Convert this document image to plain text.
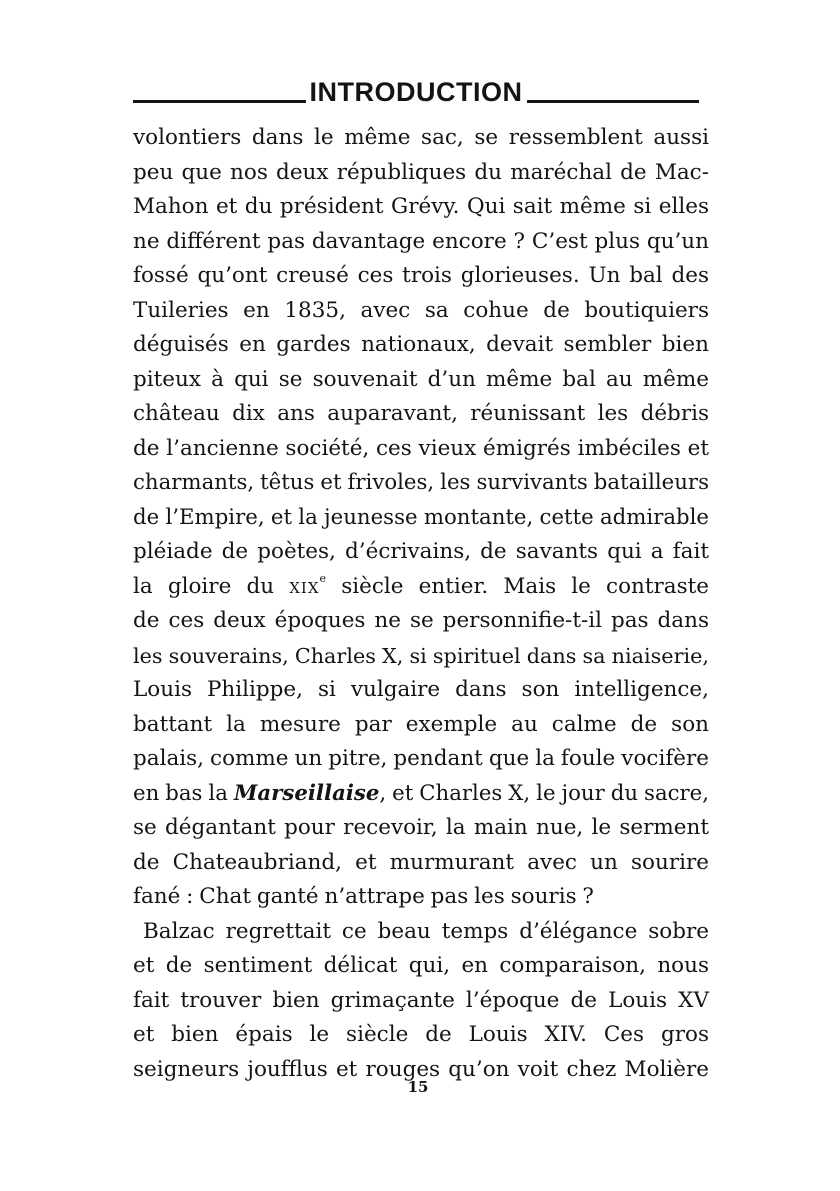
INTRODUCTION
volontiers dans le même sac, se ressemblent aussi
peu que nos deux républiques du maréchal de Mac-
Mahon et du président Grévy. Qui sait même si elles
ne différent pas davantage encore ? C’est plus qu’un
fossé qu’ont creusé ces trois glorieuses. Un bal des
Tuileries en 1835, avec sa cohue de boutiquiers
déguisés en gardes nationaux, devait sembler bien
piteux à qui se souvenait d’un même bal au même
château dix ans auparavant, réunissant les débris
de l’ancienne société, ces vieux émigrés imbéciles et
charmants, têtus et frivoles, les survivants batailleurs
de l’Empire, et la jeunesse montante, cette admirable
pléiade de poètes, d’écrivains, de savants qui a fait
la gloire du xix$^e$ siècle entier. Mais le contraste
de ces deux époques ne se personnifie-t-il pas dans
les souverains, Charles X, si spirituel dans sa niaiserie,
Louis Philippe, si vulgaire dans son intelligence,
battant la mesure par exemple au calme de son
palais, comme un pitre, pendant que la foule vocifère
en bas la Marseillaise, et Charles X, le jour du sacre,
se dégantant pour recevoir, la main nue, le serment
de Chateaubriand, et murmurant avec un sourire
fané : Chat ganté n’attrape pas les souris ?
Balzac regrettait ce beau temps d’élégance sobre
et de sentiment délicat qui, en comparaison, nous
fait trouver bien grimaçante l’époque de Louis XV
et bien épais le siècle de Louis XIV. Ces gros
seigneurs joufflus et rouges qu’on voit chez Molière
15
